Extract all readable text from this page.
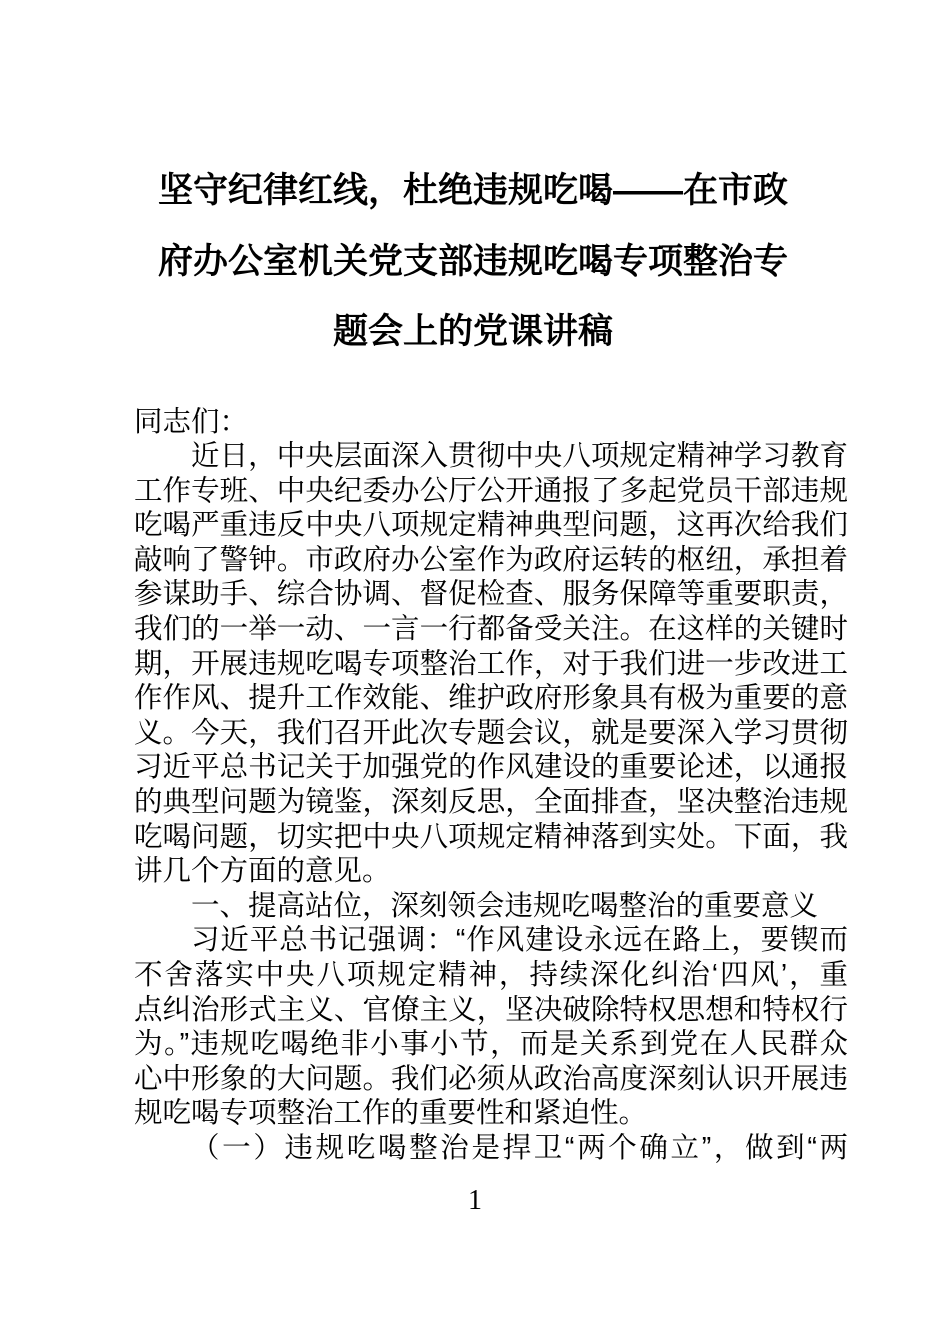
坚守纪律红线，杜绝违规吃喝——在市政
府办公室机关党支部违规吃喝专项整治专
题会上的党课讲稿
同志们：
近日，中央层面深入贯彻中央八项规定精神学习教育
工作专班、中央纪委办公厅公开通报了多起党员干部违规
吃喝严重违反中央八项规定精神典型问题，这再次给我们
敲响了警钟。市政府办公室作为政府运转的枢纽，承担着
参谋助手、综合协调、督促检查、服务保障等重要职责，
我们的一举一动、一言一行都备受关注。在这样的关键时
期，开展违规吃喝专项整治工作，对于我们进一步改进工
作作风、提升工作效能、维护政府形象具有极为重要的意
义。今天，我们召开此次专题会议，就是要深入学习贯彻
习近平总书记关于加强党的作风建设的重要论述，以通报
的典型问题为镜鉴，深刻反思，全面排查，坚决整治违规
吃喝问题，切实把中央八项规定精神落到实处。下面，我
讲几个方面的意见。
一、提高站位，深刻领会违规吃喝整治的重要意义
习近平总书记强调：“作风建设永远在路上，要锲而
不舍落实中央八项规定精神，持续深化纠治‘四风’，重
点纠治形式主义、官僚主义，坚决破除特权思想和特权行
为。”违规吃喝绝非小事小节，而是关系到党在人民群众
心中形象的大问题。我们必须从政治高度深刻认识开展违
规吃喝专项整治工作的重要性和紧迫性。
（一）违规吃喝整治是捍卫“两个确立”，做到“两
1
